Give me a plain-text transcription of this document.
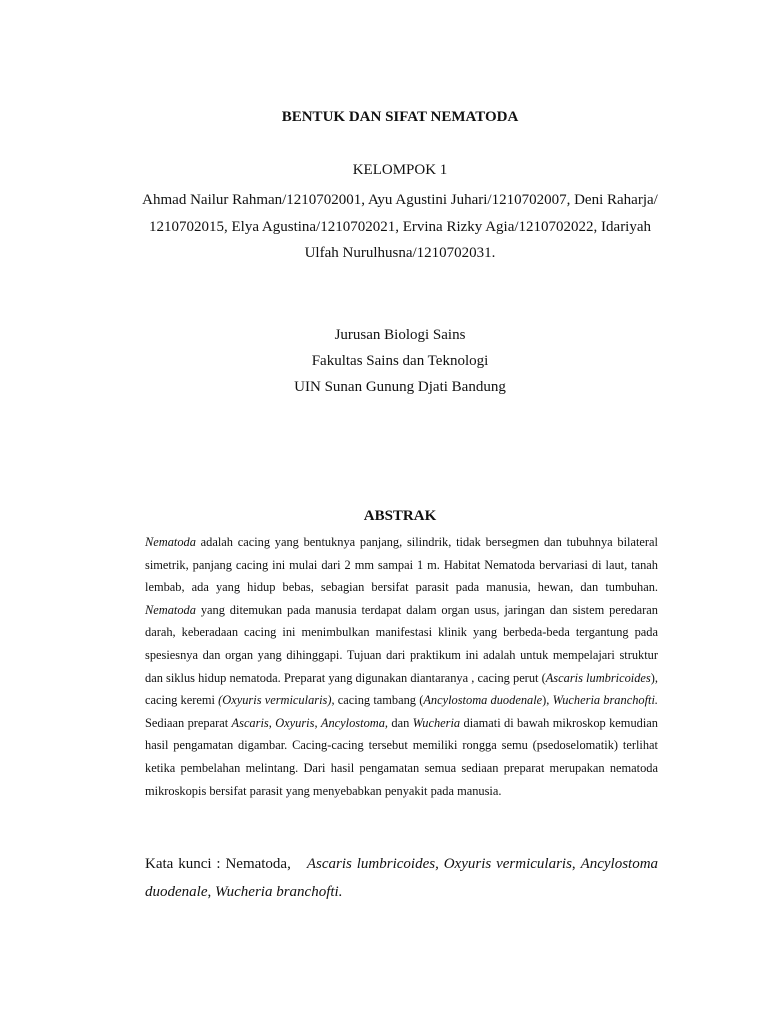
BENTUK DAN SIFAT NEMATODA
KELOMPOK 1
Ahmad Nailur Rahman/1210702001, Ayu Agustini Juhari/1210702007, Deni Raharja/ 1210702015, Elya Agustina/1210702021, Ervina Rizky Agia/1210702022, Idariyah Ulfah Nurulhusna/1210702031.
Jurusan Biologi Sains
Fakultas Sains dan Teknologi
UIN Sunan Gunung Djati Bandung
ABSTRAK
Nematoda adalah cacing yang bentuknya panjang, silindrik, tidak bersegmen dan tubuhnya bilateral simetrik, panjang cacing ini mulai dari 2 mm sampai 1 m. Habitat Nematoda bervariasi di laut, tanah lembab, ada yang hidup bebas, sebagian bersifat parasit pada manusia, hewan, dan tumbuhan. Nematoda yang ditemukan pada manusia terdapat dalam organ usus, jaringan dan sistem peredaran darah, keberadaan cacing ini menimbulkan manifestasi klinik yang berbeda-beda tergantung pada spesiesnya dan organ yang dihinggapi. Tujuan dari praktikum ini adalah untuk mempelajari struktur dan siklus hidup nematoda. Preparat yang digunakan diantaranya , cacing perut (Ascaris lumbricoides), cacing keremi (Oxyuris vermicularis), cacing tambang (Ancylostoma duodenale), Wucheria branchofti. Sediaan preparat Ascaris, Oxyuris, Ancylostoma, dan Wucheria diamati di bawah mikroskop kemudian hasil pengamatan digambar. Cacing-cacing tersebut memiliki rongga semu (psedoselomatik) terlihat ketika pembelahan melintang. Dari hasil pengamatan semua sediaan preparat merupakan nematoda mikroskopis bersifat parasit yang menyebabkan penyakit pada manusia.
Kata kunci : Nematoda, Ascaris lumbricoides, Oxyuris vermicularis, Ancylostoma duodenale, Wucheria branchofti.
